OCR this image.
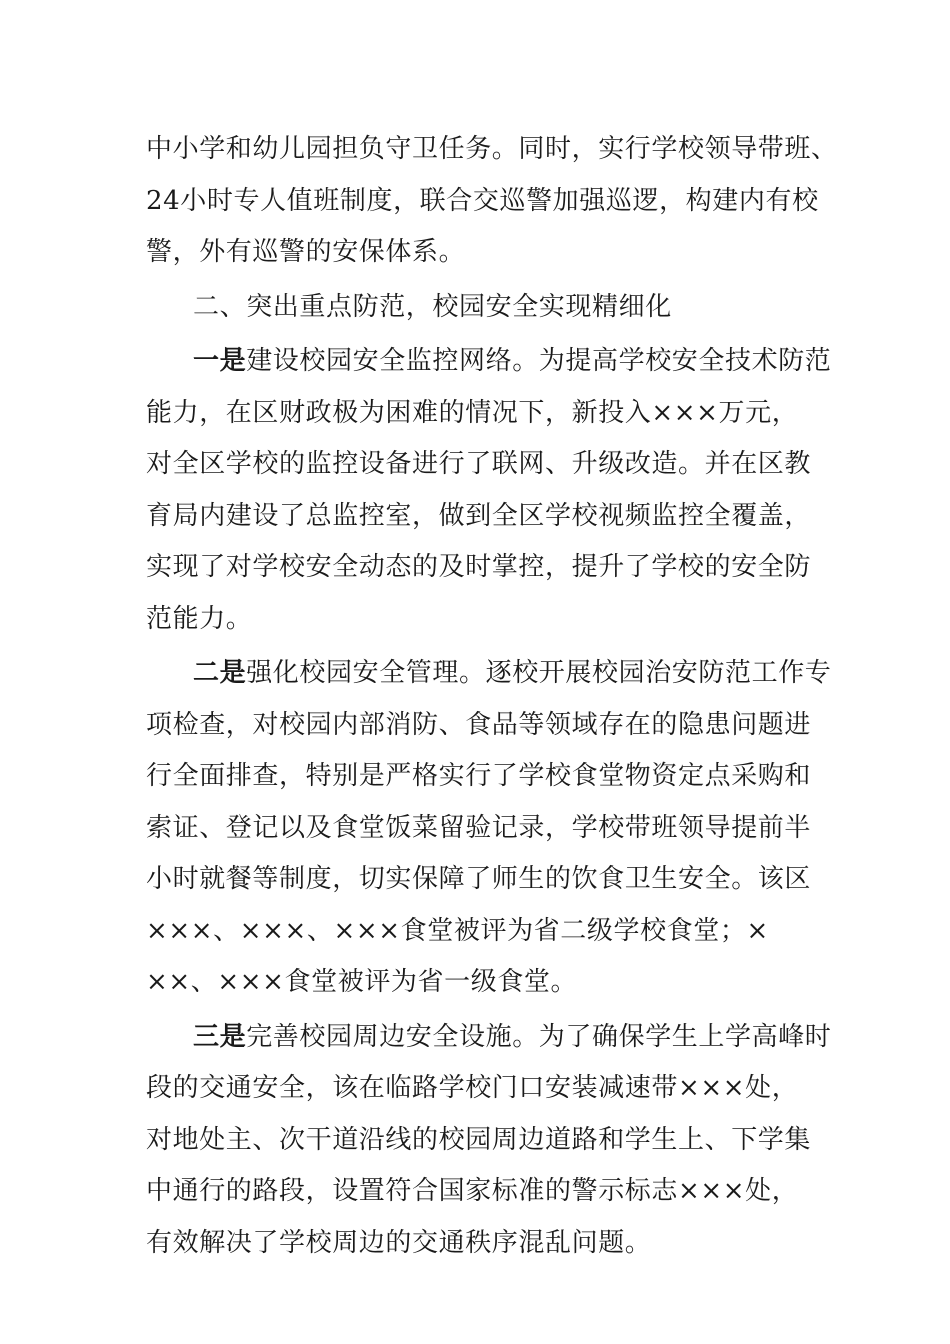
中小学和幼儿园担负守卫任务。同时，实行学校领导带班、
24小时专人值班制度，联合交巡警加强巡逻，构建内有校
警，外有巡警的安保体系。

二、突出重点防范，校园安全实现精细化

一是建设校园安全监控网络。为提高学校安全技术防范
能力，在区财政极为困难的情况下，新投入×××万元，
对全区学校的监控设备进行了联网、升级改造。并在区教
育局内建设了总监控室，做到全区学校视频监控全覆盖，
实现了对学校安全动态的及时掌控，提升了学校的安全防
范能力。

二是强化校园安全管理。逐校开展校园治安防范工作专
项检查，对校园内部消防、食品等领域存在的隐患问题进
行全面排查，特别是严格实行了学校食堂物资定点采购和
索证、登记以及食堂饭菜留验记录，学校带班领导提前半
小时就餐等制度，切实保障了师生的饮食卫生安全。该区
×××、×××、×××食堂被评为省二级学校食堂；×
××、×××食堂被评为省一级食堂。

三是完善校园周边安全设施。为了确保学生上学高峰时
段的交通安全，该在临路学校门口安装减速带×××处，
对地处主、次干道沿线的校园周边道路和学生上、下学集
中通行的路段，设置符合国家标准的警示标志×××处，
有效解决了学校周边的交通秩序混乱问题。
